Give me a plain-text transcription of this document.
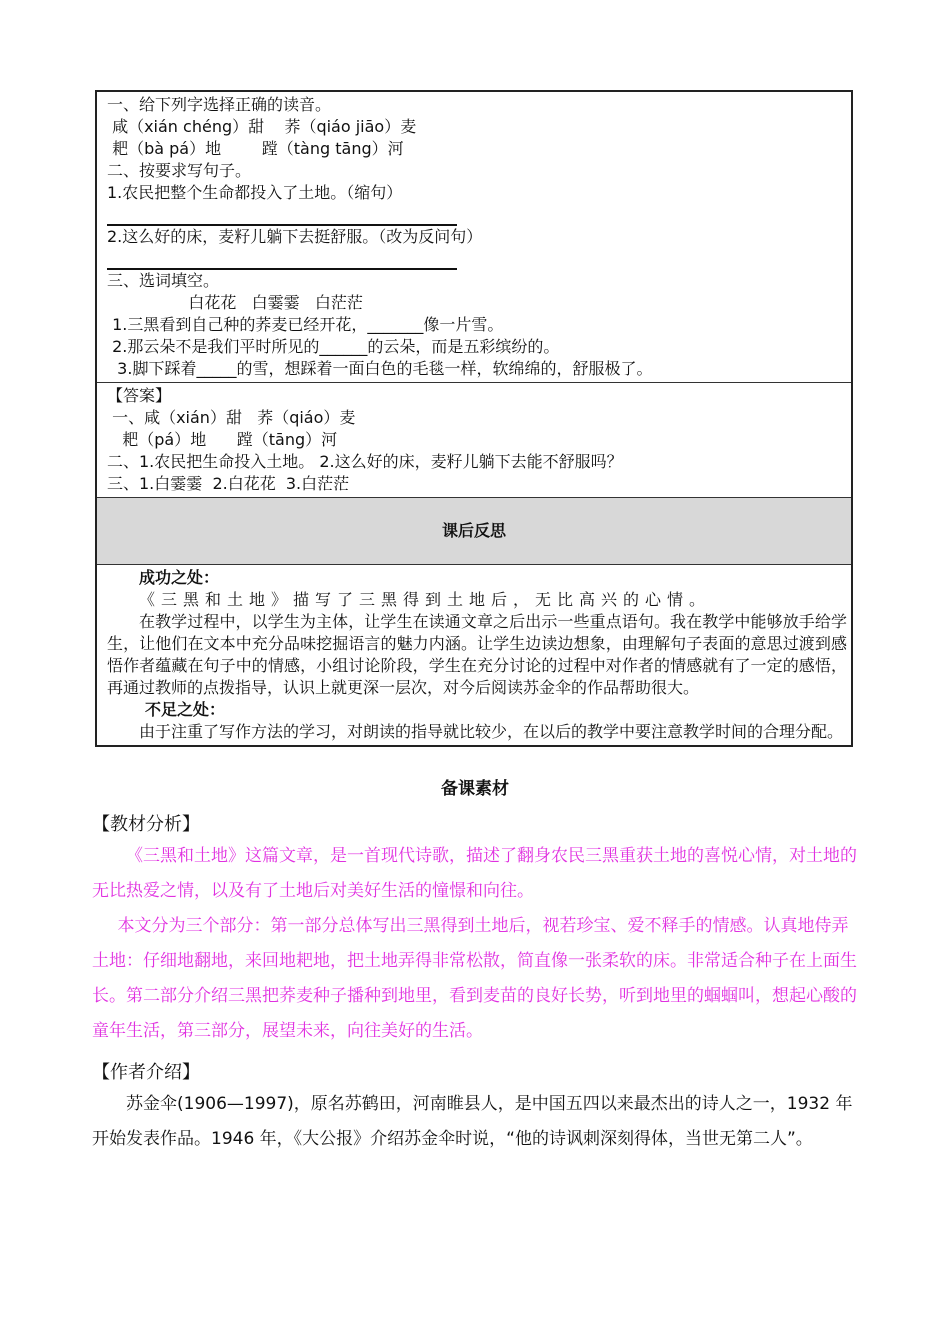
一、给下列字选择正确的读音。
咸（xián chéng）甜    荞（qiáo jiāo）麦
耙（bà pá）地        蹚（tàng tāng）河
二、按要求写句子。
1.农民把整个生命都投入了土地。（缩句）
2.这么好的床，麦籽儿躺下去挺舒服。（改为反问句）
三、选词填空。
白花花   白霎霎   白茫茫
1.三黑看到自己种的荞麦已经开花，_______像一片雪。
2.那云朵不是我们平时所见的______的云朵，而是五彩缤纷的。
3.脚下踩着_____的雪，想踩着一面白色的毛毯一样，软绵绵的，舒服极了。
【答案】
一、咸（xián）甜   荞（qiáo）麦
耙（pá）地      蹚（tāng）河
二、1.农民把生命投入土地。 2.这么好的床，麦籽儿躺下去能不舒服吗？
三、1.白霎霎  2.白花花  3.白茫茫
课后反思

成功之处：

《三黑和土地》描写了三黑得到土地后，无比高兴的心情。

在教学过程中，以学生为主体，让学生在读通文章之后出示一些重点语句。我在教学中能够放手给学生，让他们在文本中充分品味挖掘语言的魅力内涵。让学生边读边想象，由理解句子表面的意思过渡到感悟作者蕴藏在句子中的情感，小组讨论阶段，学生在充分讨论的过程中对作者的情感就有了一定的感悟，再通过教师的点拨指导，认识上就更深一层次，对今后阅读苏金伞的作品帮助很大。

不足之处：

由于注重了写作方法的学习，对朗读的指导就比较少，在以后的教学中要注意教学时间的合理分配。

备课素材
【教材分析】

《三黑和土地》这篇文章，是一首现代诗歌，描述了翻身农民三黑重获土地的喜悦心情，对土地的无比热爱之情，以及有了土地后对美好生活的憧憬和向往。

本文分为三个部分：第一部分总体写出三黑得到土地后，视若珍宝、爱不释手的情感。认真地侍弄土地：仔细地翻地，来回地耙地，把土地弄得非常松散，简直像一张柔软的床。非常适合种子在上面生长。第二部分介绍三黑把荞麦种子播种到地里，看到麦苗的良好长势，听到地里的蝈蝈叫，想起心酸的童年生活，第三部分，展望未来，向往美好的生活。

【作者介绍】

苏金伞(1906—1997)，原名苏鹤田，河南睢县人，是中国五四以来最杰出的诗人之一，1932 年开始发表作品。1946 年，《大公报》介绍苏金伞时说，“他的诗讽刺深刻得体，当世无第二人”。
